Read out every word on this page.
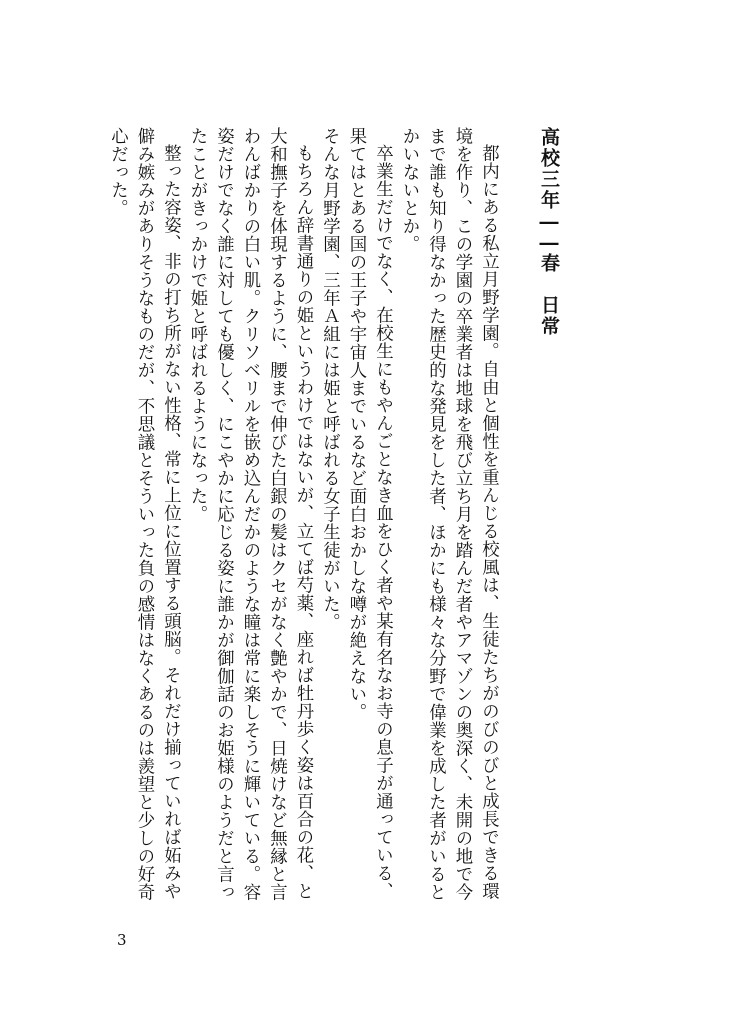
高校三年――春　日常

都内にある私立月野学園。自由と個性を重んじる校風は、生徒たちがのびのびと成長できる環境を作り、この学園の卒業者は地球を飛び立ち月を踏んだ者やアマゾンの奥深く、未開の地で今まで誰も知り得なかった歴史的な発見をした者、ほかにも様々な分野で偉業を成した者がいるとかいないとか。

卒業生だけでなく、在校生にもやんごとなき血をひく者や某有名なお寺の息子が通っている、果てはとある国の王子や宇宙人までいるなど面白おかしな噂が絶えない。

そんな月野学園、三年Ａ組には姫と呼ばれる女子生徒がいた。

もちろん辞書通りの姫というわけではないが、立てば芍薬、座れば牡丹歩く姿は百合の花、と大和撫子を体現するように、腰まで伸びた白銀の髪はクセがなく艶やかで、日焼けなど無縁と言わんばかりの白い肌。クリソベリルを嵌め込んだかのような瞳は常に楽しそうに輝いている。容姿だけでなく誰に対しても優しく、にこやかに応じる姿に誰かが御伽話のお姫様のようだと言ったことがきっかけで姫と呼ばれるようになった。

整った容姿、非の打ち所がない性格、常に上位に位置する頭脳。それだけ揃っていれば妬みや僻み嫉みがありそうなものだが、不思議とそういった負の感情はなくあるのは羨望と少しの好奇心だった。

3
